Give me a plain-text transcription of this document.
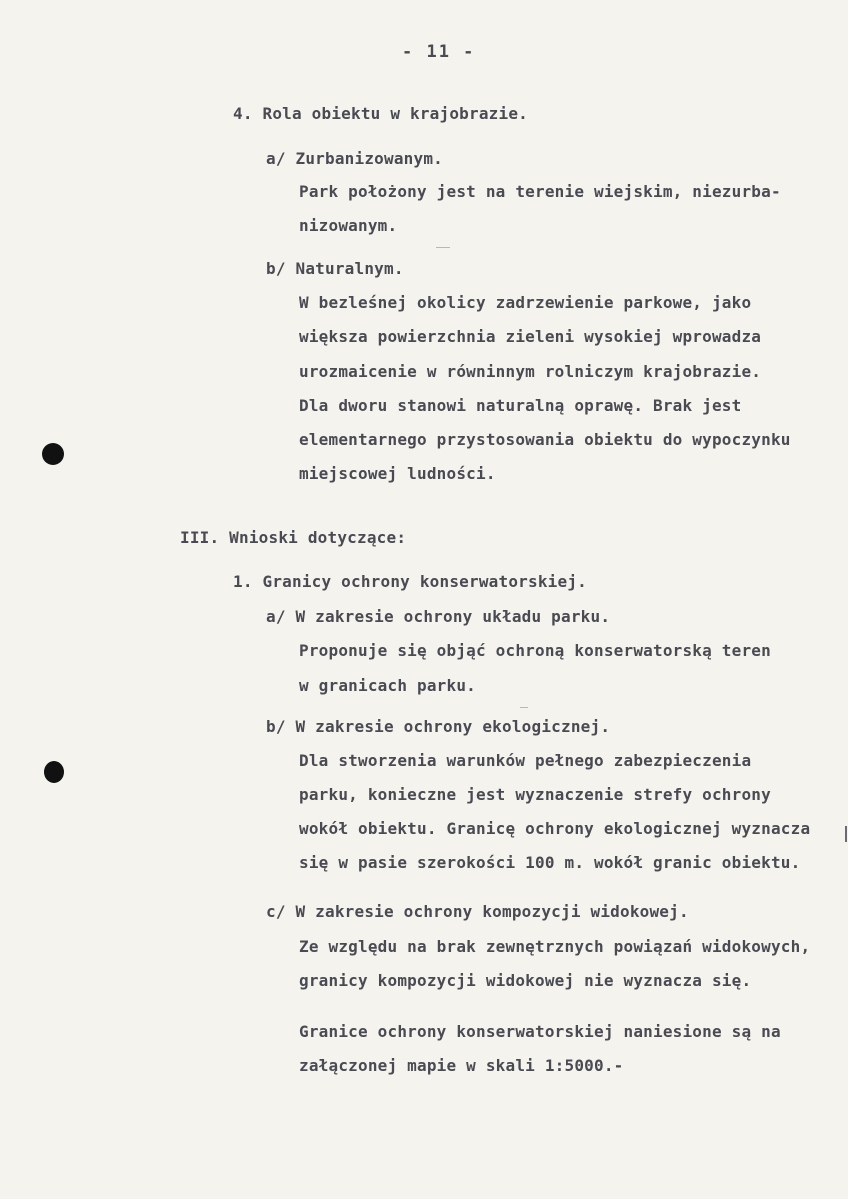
- 11 -
4. Rola obiektu w krajobrazie.
a/ Zurbanizowanym.
Park położony jest na terenie wiejskim, niezurba-
nizowanym.
b/ Naturalnym.
W bezleśnej okolicy zadrzewienie parkowe, jako
większa powierzchnia zieleni wysokiej wprowadza
urozmaicenie w równinnym rolniczym krajobrazie.
Dla dworu stanowi naturalną oprawę. Brak jest
elementarnego przystosowania obiektu do wypoczynku
miejscowej ludności.
III. Wnioski dotyczące:
1. Granicy ochrony konserwatorskiej.
a/ W zakresie ochrony układu parku.
Proponuje się objąć ochroną konserwatorską teren
w granicach parku.
b/ W zakresie ochrony ekologicznej.
Dla stworzenia warunków pełnego zabezpieczenia
parku, konieczne jest wyznaczenie strefy ochrony
wokół obiektu. Granicę ochrony ekologicznej wyznacza
się w pasie szerokości 100 m. wokół granic obiektu.
c/ W zakresie ochrony kompozycji widokowej.
Ze względu na brak zewnętrznych powiązań widokowych,
granicy kompozycji widokowej nie wyznacza się.
Granice ochrony konserwatorskiej naniesione są na
załączonej mapie w skali 1:5000.-
